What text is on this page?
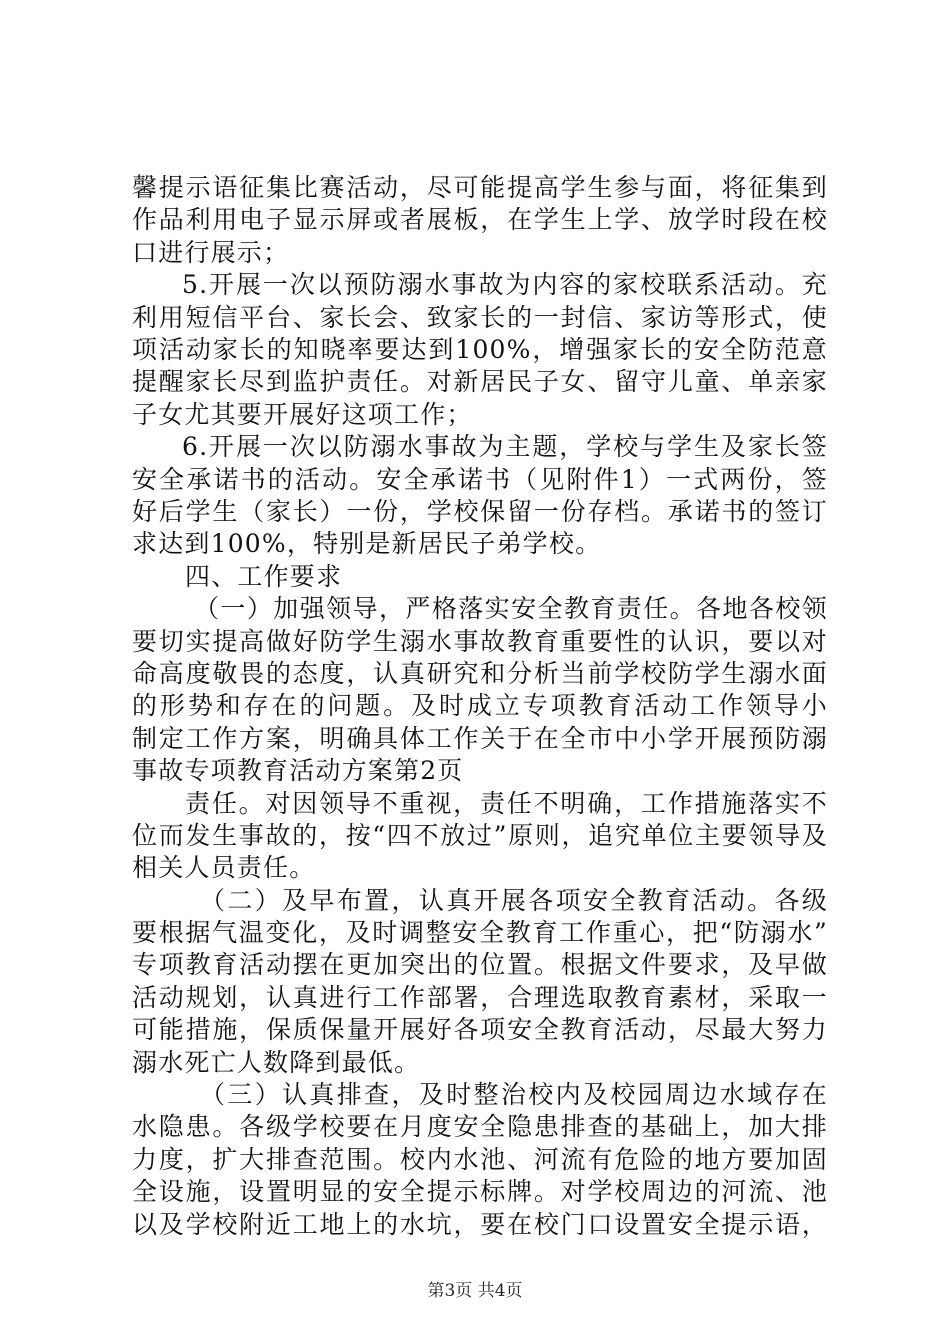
馨提示语征集比赛活动，尽可能提高学生参与面，将征集到
作品利用电子显示屏或者展板，在学生上学、放学时段在校
口进行展示；
5.开展一次以预防溺水事故为内容的家校联系活动。充
利用短信平台、家长会、致家长的一封信、家访等形式，使
项活动家长的知晓率要达到100%，增强家长的安全防范意
提醒家长尽到监护责任。对新居民子女、留守儿童、单亲家
子女尤其要开展好这项工作；
6.开展一次以防溺水事故为主题，学校与学生及家长签
安全承诺书的活动。安全承诺书（见附件1）一式两份，签
好后学生（家长）一份，学校保留一份存档。承诺书的签订
求达到100%，特别是新居民子弟学校。
四、工作要求
（一）加强领导，严格落实安全教育责任。各地各校领
要切实提高做好防学生溺水事故教育重要性的认识，要以对
命高度敬畏的态度，认真研究和分析当前学校防学生溺水面
的形势和存在的问题。及时成立专项教育活动工作领导小
制定工作方案，明确具体工作关于在全市中小学开展预防溺
事故专项教育活动方案第2页
责任。对因领导不重视，责任不明确，工作措施落实不
位而发生事故的，按“四不放过”原则，追究单位主要领导及
相关人员责任。
（二）及早布置，认真开展各项安全教育活动。各级
要根据气温变化，及时调整安全教育工作重心，把“防溺水”
专项教育活动摆在更加突出的位置。根据文件要求，及早做
活动规划，认真进行工作部署，合理选取教育素材，采取一
可能措施，保质保量开展好各项安全教育活动，尽最大努力
溺水死亡人数降到最低。
（三）认真排查，及时整治校内及校园周边水域存在
水隐患。各级学校要在月度安全隐患排查的基础上，加大排
力度，扩大排查范围。校内水池、河流有危险的地方要加固
全设施，设置明显的安全提示标牌。对学校周边的河流、池
以及学校附近工地上的水坑，要在校门口设置安全提示语，
第3页 共4页
